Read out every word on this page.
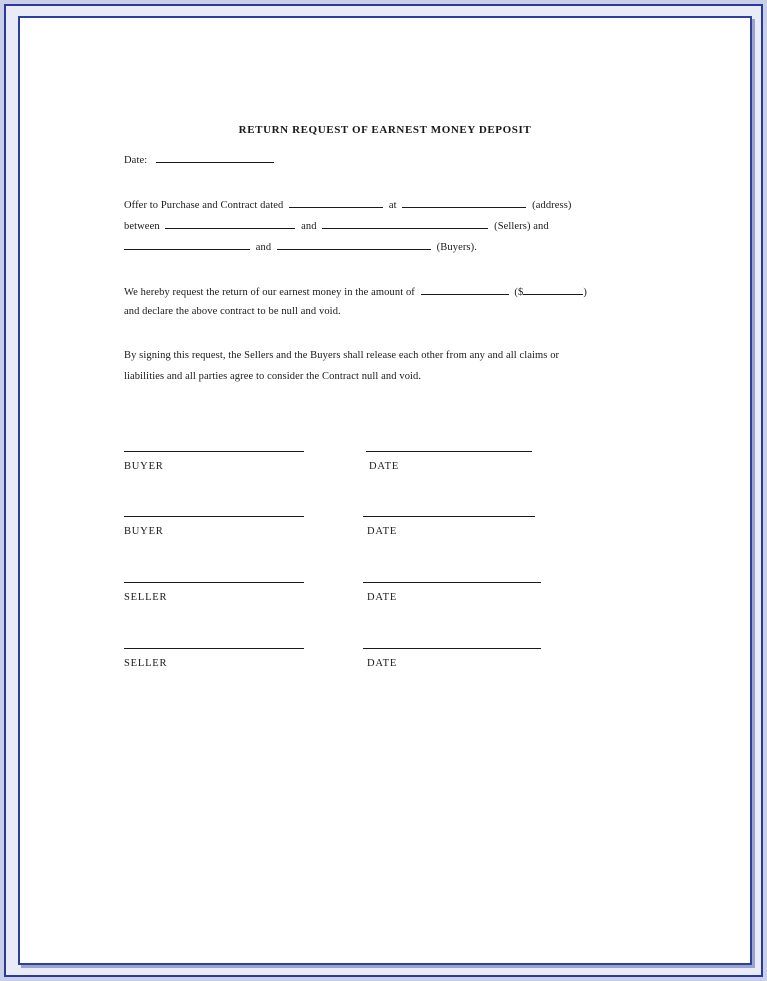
RETURN REQUEST OF EARNEST MONEY DEPOSIT
Date:
Offer to Purchase and Contract dated	at	(address)
between	and	(Sellers) and
and	(Buyers).
We hereby request the return of our earnest money in the amount of	($	)
and declare the above contract to be null and void.
By signing this request, the Sellers and the Buyers shall release each other from any and all claims or
liabilities and all parties agree to consider the Contract null and void.
BUYER	DATE
BUYER	DATE
SELLER	DATE
SELLER	DATE
